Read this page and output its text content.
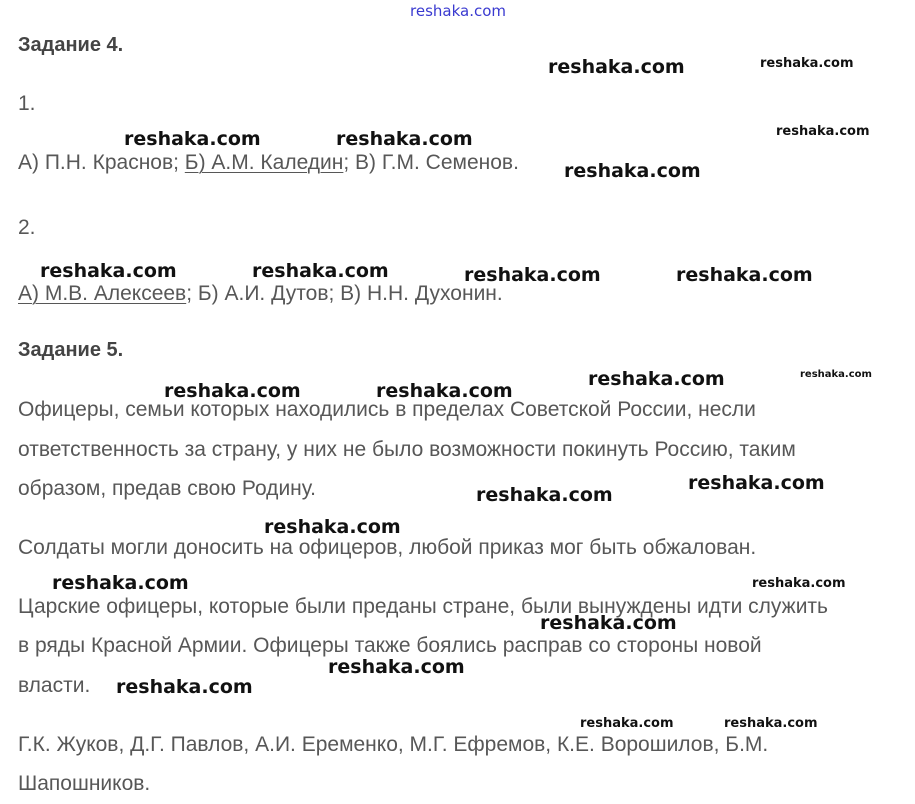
reshaka.com
reshaka.com	reshaka.com
reshaka.com	reshaka.com	reshaka.com
reshaka.com
reshaka.com	reshaka.com	reshaka.com	reshaka.com
reshaka.com	reshaka.com
reshaka.com	reshaka.com
reshaka.com
reshaka.com
reshaka.com
reshaka.com	reshaka.com
reshaka.com
reshaka.com
reshaka.com
reshaka.com	reshaka.com
Задание 4.
1.
А) П.Н. Краснов; Б) А.М. Каледин; В) Г.М. Семенов.
2.
А) М.В. Алексеев; Б) А.И. Дутов; В) Н.Н. Духонин.
Задание 5.
Офицеры, семьи которых находились в пределах Советской России, несли
ответственность за страну, у них не было возможности покинуть Россию, таким
образом, предав свою Родину.
Солдаты могли доносить на офицеров, любой приказ мог быть обжалован.
Царские офицеры, которые были преданы стране, были вынуждены идти служить
в ряды Красной Армии. Офицеры также боялись расправ со стороны новой
власти.
Г.К. Жуков, Д.Г. Павлов, А.И. Еременко, М.Г. Ефремов, К.Е. Ворошилов, Б.М.
Шапошников.
